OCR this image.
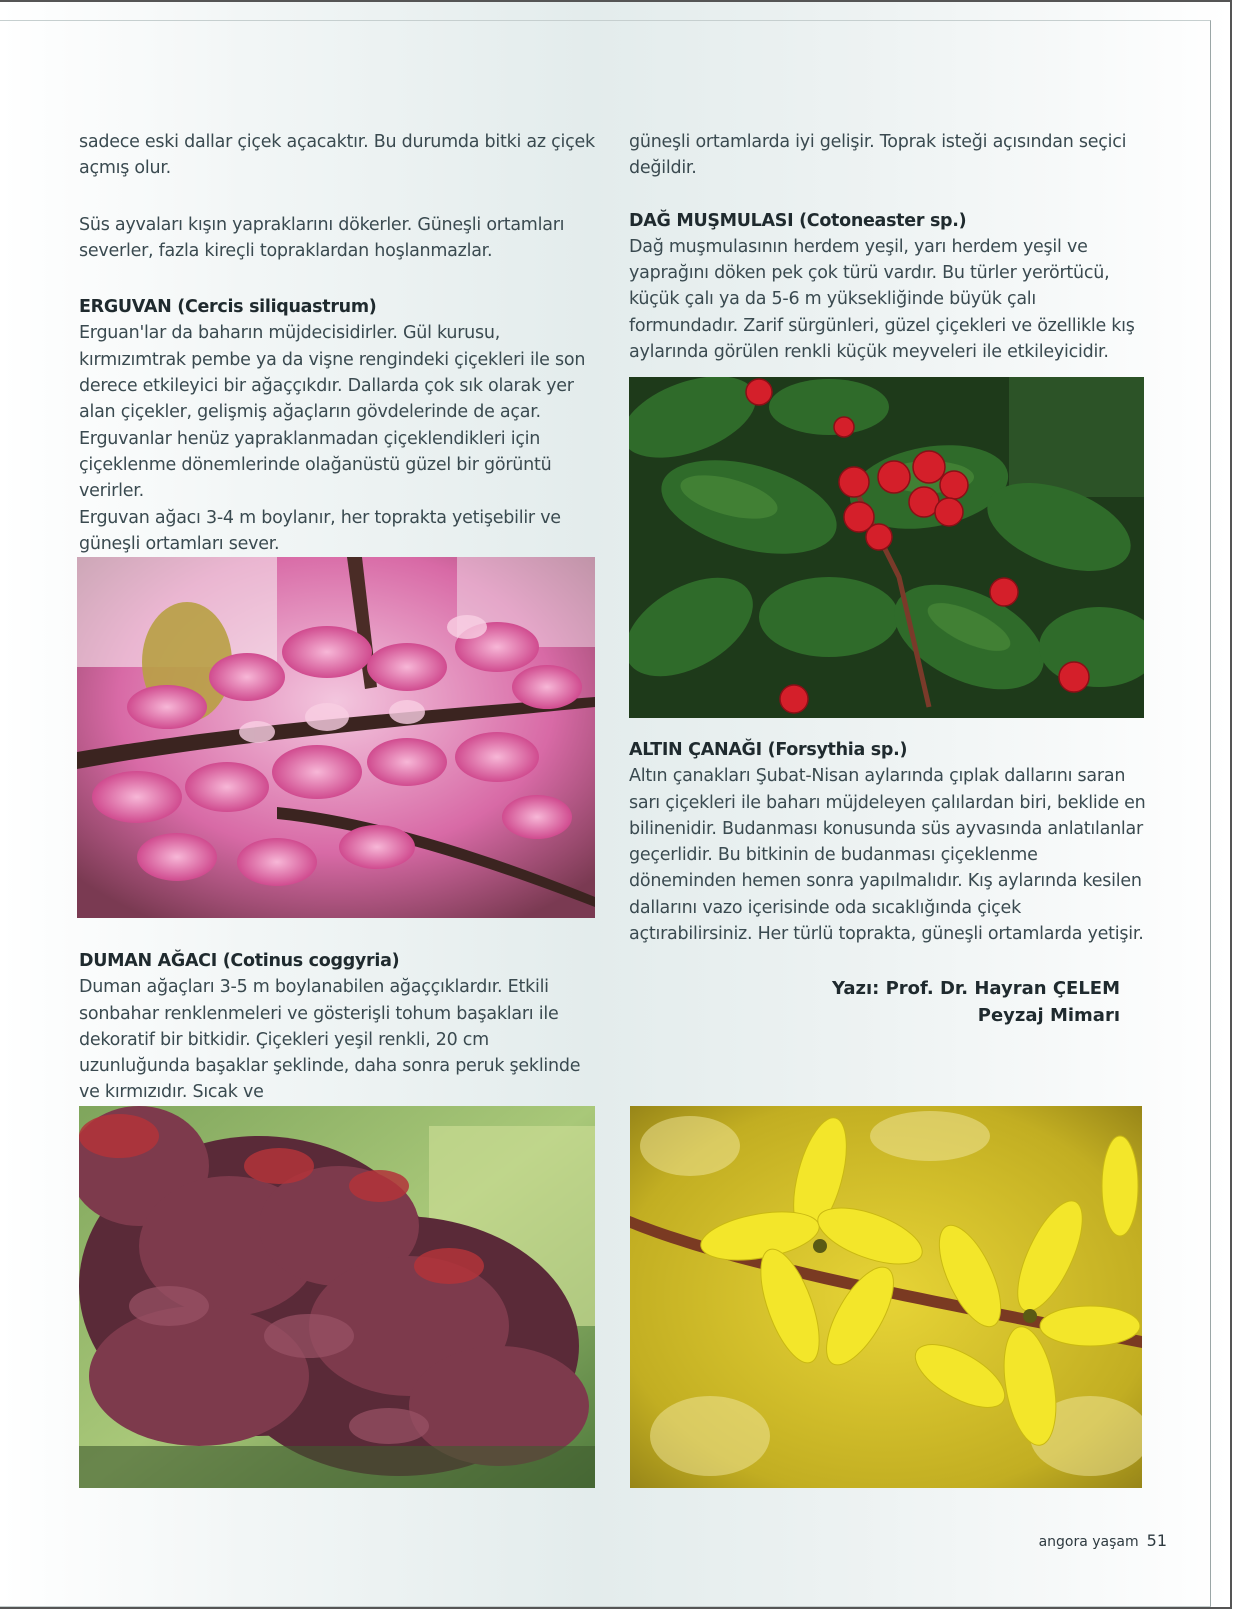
sadece eski dallar çiçek açacaktır. Bu durumda bitki az çiçek açmış olur.

Süs ayvaları kışın yapraklarını dökerler. Güneşli ortamları severler, fazla kireçli topraklardan hoşlanmazlar.

ERGUVAN (Cercis siliquastrum)

Erguan'lar da baharın müjdecisidirler. Gül kurusu, kırmızımtrak pembe ya da vişne rengindeki çiçekleri ile son derece etkileyici bir ağaççıkdır. Dallarda çok sık olarak yer alan çiçekler, gelişmiş ağaçların gövdelerinde de açar. Erguvanlar henüz yapraklanmadan çiçeklendikleri için çiçeklenme dönemlerinde olağanüstü güzel bir görüntü verirler.

Erguvan ağacı 3-4 m boylanır, her toprakta yetişebilir ve güneşli ortamları sever.

DUMAN AĞACI (Cotinus coggyria)

Duman ağaçları 3-5 m boylanabilen ağaççıklardır. Etkili sonbahar renklenmeleri ve gösterişli tohum başakları ile dekoratif bir bitkidir. Çiçekleri yeşil renkli, 20 cm uzunluğunda başaklar şeklinde, daha sonra peruk şeklinde ve kırmızıdır. Sıcak ve

güneşli ortamlarda iyi gelişir. Toprak isteği açısından seçici değildir.

DAĞ MUŞMULASI (Cotoneaster sp.)

Dağ muşmulasının herdem yeşil, yarı herdem yeşil ve yaprağını döken pek çok türü vardır. Bu türler yerörtücü, küçük çalı ya da 5-6 m yüksekliğinde büyük çalı formundadır. Zarif sürgünleri, güzel çiçekleri ve özellikle kış aylarında görülen renkli küçük meyveleri ile etkileyicidir.

ALTIN ÇANAĞI (Forsythia sp.)

Altın çanakları Şubat-Nisan aylarında çıplak dallarını saran sarı çiçekleri ile baharı müjdeleyen çalılardan biri, beklide en bilinenidir. Budanması konusunda süs ayvasında anlatılanlar geçerlidir. Bu bitkinin de budanması çiçeklenme döneminden hemen sonra yapılmalıdır. Kış aylarında kesilen dallarını vazo içerisinde oda sıcaklığında çiçek açtırabilirsiniz. Her türlü toprakta, güneşli ortamlarda yetişir.

Yazı: Prof. Dr. Hayran ÇELEM
Peyzaj Mimarı
angora yaşam 51
